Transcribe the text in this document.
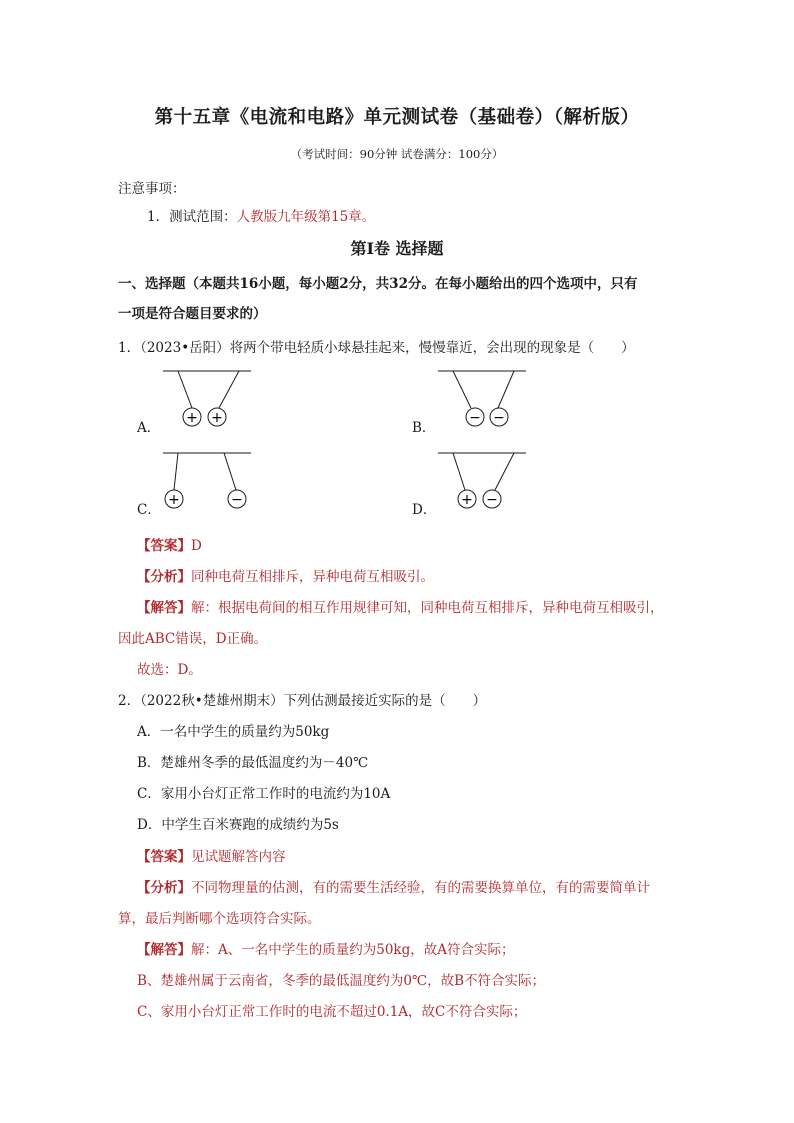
第十五章《电流和电路》单元测试卷（基础卷）（解析版）
（考试时间：90分钟 试卷满分：100分）
注意事项：
1．测试范围：人教版九年级第15章。
第Ⅰ卷 选择题
一、选择题（本题共16小题，每小题2分，共32分。在每小题给出的四个选项中，只有
一项是符合题目要求的）
1．（2023•岳阳）将两个带电轻质小球悬挂起来，慢慢靠近，会出现的现象是（　　）
A．
+ +
B．
− −
C．
+	−
D．
+ −
【答案】D
【分析】同种电荷互相排斥，异种电荷互相吸引。
【解答】解：根据电荷间的相互作用规律可知，同种电荷互相排斥，异种电荷互相吸引，
因此ABC错误，D正确。
故选：D。
2．（2022秋•楚雄州期末）下列估测最接近实际的是（　　）
A．一名中学生的质量约为50kg
B．楚雄州冬季的最低温度约为－40℃
C．家用小台灯正常工作时的电流约为10A
D．中学生百米赛跑的成绩约为5s
【答案】见试题解答内容
【分析】不同物理量的估测，有的需要生活经验，有的需要换算单位，有的需要简单计
算，最后判断哪个选项符合实际。
【解答】解：A、一名中学生的质量约为50kg，故A符合实际；
B、楚雄州属于云南省，冬季的最低温度约为0℃，故B不符合实际；
C、家用小台灯正常工作时的电流不超过0.1A，故C不符合实际；
